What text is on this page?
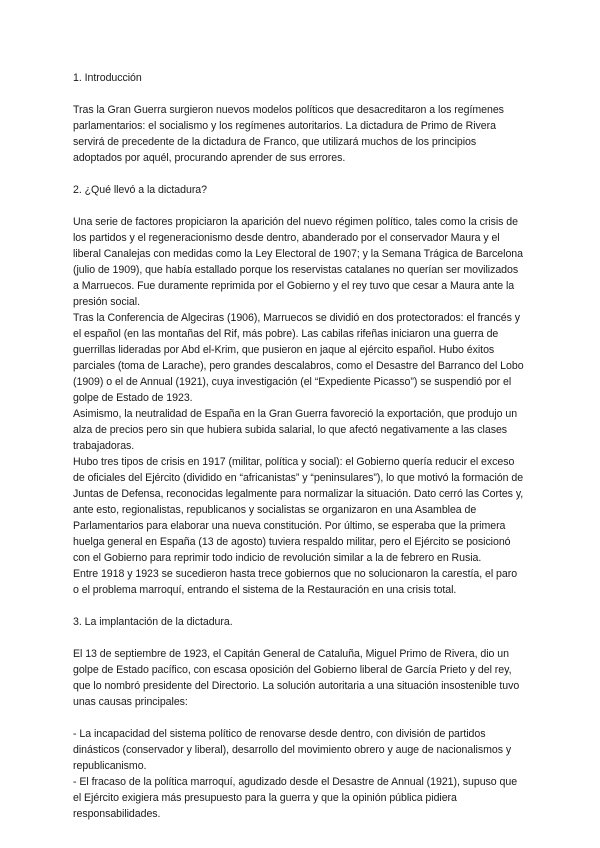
1. Introducción

Tras la Gran Guerra surgieron nuevos modelos políticos que desacreditaron a los regímenes parlamentarios: el socialismo y los regímenes autoritarios. La dictadura de Primo de Rivera servirá de precedente de la dictadura de Franco, que utilizará muchos de los principios adoptados por aquél, procurando aprender de sus errores.

2. ¿Qué llevó a la dictadura?

Una serie de factores propiciaron la aparición del nuevo régimen político, tales como la crisis de los partidos y el regeneracionismo desde dentro, abanderado por el conservador Maura y el liberal Canalejas con medidas como la Ley Electoral de 1907; y la Semana Trágica de Barcelona (julio de 1909), que había estallado porque los reservistas catalanes no querían ser movilizados a Marruecos. Fue duramente reprimida por el Gobierno y el rey tuvo que cesar a Maura ante la presión social.

Tras la Conferencia de Algeciras (1906), Marruecos se dividió en dos protectorados: el francés y el español (en las montañas del Rif, más pobre). Las cabilas rifeñas iniciaron una guerra de guerrillas lideradas por Abd el-Krim, que pusieron en jaque al ejército español. Hubo éxitos parciales (toma de Larache), pero grandes descalabros, como el Desastre del Barranco del Lobo (1909) o el de Annual (1921), cuya investigación (el “Expediente Picasso”) se suspendió por el golpe de Estado de 1923.

Asimismo, la neutralidad de España en la Gran Guerra favoreció la exportación, que produjo un alza de precios pero sin que hubiera subida salarial, lo que afectó negativamente a las clases trabajadoras.

Hubo tres tipos de crisis en 1917 (militar, política y social): el Gobierno quería reducir el exceso de oficiales del Ejército (dividido en “africanistas” y “peninsulares”), lo que motivó la formación de Juntas de Defensa, reconocidas legalmente para normalizar la situación. Dato cerró las Cortes y, ante esto, regionalistas, republicanos y socialistas se organizaron en una Asamblea de Parlamentarios para elaborar una nueva constitución. Por último, se esperaba que la primera huelga general en España (13 de agosto) tuviera respaldo militar, pero el Ejército se posicionó con el Gobierno para reprimir todo indicio de revolución similar a la de febrero en Rusia.

Entre 1918 y 1923 se sucedieron hasta trece gobiernos que no solucionaron la carestía, el paro o el problema marroquí, entrando el sistema de la Restauración en una crisis total.

3. La implantación de la dictadura.

El 13 de septiembre de 1923, el Capitán General de Cataluña, Miguel Primo de Rivera, dio un golpe de Estado pacífico, con escasa oposición del Gobierno liberal de García Prieto y del rey, que lo nombró presidente del Directorio. La solución autoritaria a una situación insostenible tuvo unas causas principales:

- La incapacidad del sistema político de renovarse desde dentro, con división de partidos dinásticos (conservador y liberal), desarrollo del movimiento obrero y auge de nacionalismos y republicanismo.

- El fracaso de la política marroquí, agudizado desde el Desastre de Annual (1921), supuso que el Ejército exigiera más presupuesto para la guerra y que la opinión pública pidiera responsabilidades.
